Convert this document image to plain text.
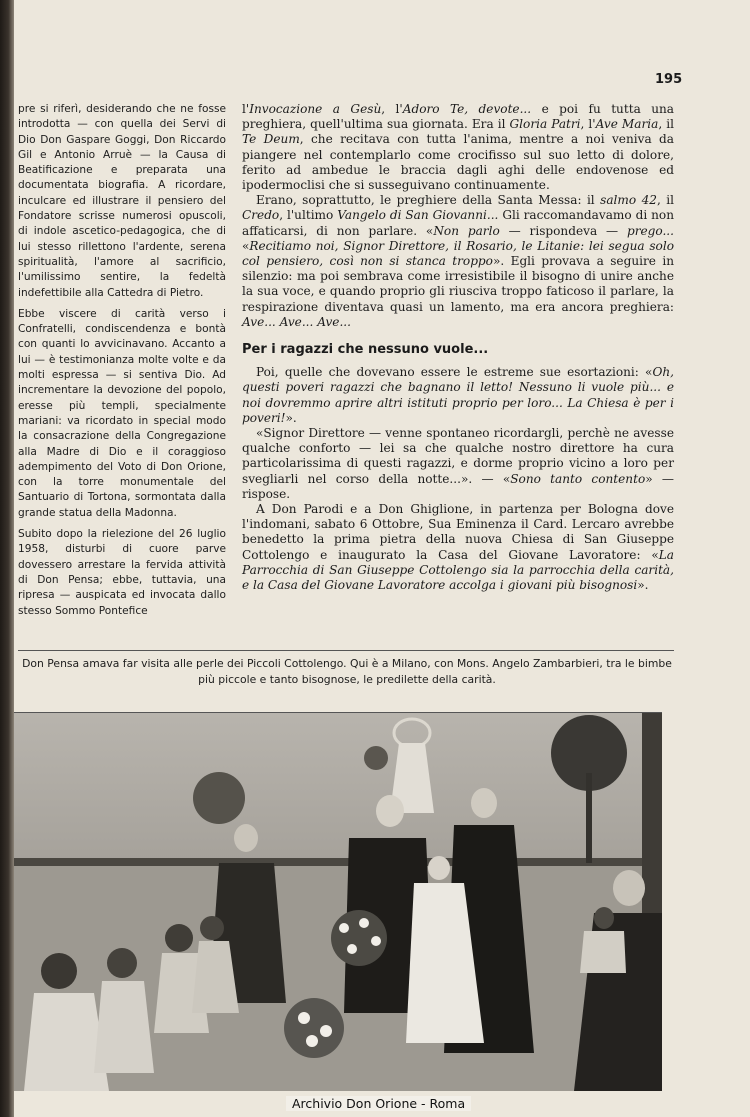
195

pre si riferì, desiderando che ne fosse introdotta — con quella dei Servi di Dio Don Gaspare Goggi, Don Riccardo Gil e Antonio Arruè — la Causa di Beatificazione e preparata una documentata biografia. A ricordare, inculcare ed illustrare il pensiero del Fondatore scrisse numerosi opuscoli, di indole ascetico-pedagogica, che di lui stesso rillettono l'ardente, serena spiritualità, l'amore al sacrificio, l'umilissimo sentire, la fedeltà indefettibile alla Cattedra di Pietro.

Ebbe viscere di carità verso i Confratelli, condiscendenza e bontà con quanti lo avvicinavano. Accanto a lui — è testimonianza molte volte e da molti espressa — si sentiva Dio. Ad incrementare la devozione del popolo, eresse più templi, specialmente mariani: va ricordato in special modo la consacrazione della Congregazione alla Madre di Dio e il coraggioso adempimento del Voto di Don Orione, con la torre monumentale del Santuario di Tortona, sormontata dalla grande statua della Madonna.

Subito dopo la rielezione del 26 luglio 1958, disturbi di cuore parve dovessero arrestare la fervida attività di Don Pensa; ebbe, tuttavia, una ripresa — auspicata ed invocata dallo stesso Sommo Pontefice

l'Invocazione a Gesù, l'Adoro Te, devote... e poi fu tutta una preghiera, quell'ultima sua giornata. Era il Gloria Patri, l'Ave Maria, il Te Deum, che recitava con tutta l'anima, mentre a noi veniva da piangere nel contemplarlo come crocifisso sul suo letto di dolore, ferito ad ambedue le braccia dagli aghi delle endovenose ed ipodermoclisi che si susseguivano continuamente.

Erano, soprattutto, le preghiere della Santa Messa: il salmo 42, il Credo, l'ultimo Vangelo di San Giovanni... Gli raccomandavamo di non affaticarsi, di non parlare. «Non parlo — rispondeva — prego... «Recitiamo noi, Signor Direttore, il Rosario, le Litanie: lei segua solo col pensiero, così non si stanca troppo». Egli provava a seguire in silenzio: ma poi sembrava come irresistibile il bisogno di unire anche la sua voce, e quando proprio gli riusciva troppo faticoso il parlare, la respirazione diventava quasi un lamento, ma era ancora preghiera: Ave... Ave... Ave...

Per i ragazzi che nessuno vuole...

Poi, quelle che dovevano essere le estreme sue esortazioni: «Oh, questi poveri ragazzi che bagnano il letto! Nessuno li vuole più... e noi dovremmo aprire altri istituti proprio per loro... La Chiesa è per i poveri!».

«Signor Direttore — venne spontaneo ricordargli, perchè ne avesse qualche conforto — lei sa che qualche nostro direttore ha cura particolarissima di questi ragazzi, e dorme proprio vicino a loro per svegliarli nel corso della notte...». — «Sono tanto contento» — rispose.

A Don Parodi e a Don Ghiglione, in partenza per Bologna dove l'indomani, sabato 6 Ottobre, Sua Eminenza il Card. Lercaro avrebbe benedetto la prima pietra della nuova Chiesa di San Giuseppe Cottolengo e inaugurato la Casa del Giovane Lavoratore: «La Parrocchia di San Giuseppe Cottolengo sia la parrocchia della carità, e la Casa del Giovane Lavoratore accolga i giovani più bisognosi».

Don Pensa amava far visita alle perle dei Piccoli Cottolengo. Qui è a Milano, con Mons. Angelo Zambarbieri, tra le bimbe più piccole e tanto bisognose, le predilette della carità.
Archivio Don Orione - Roma
